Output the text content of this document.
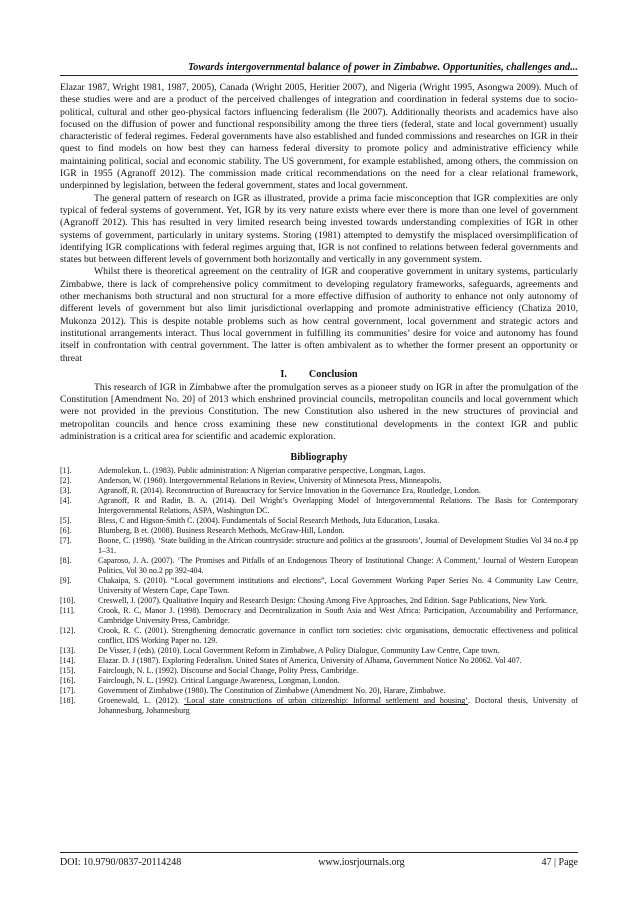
Towards intergovernmental balance of power in Zimbabwe. Opportunities, challenges and...

Elazar 1987, Wright 1981, 1987, 2005), Canada (Wright 2005, Heritier 2007), and Nigeria (Wright 1995, Asongwa 2009). Much of these studies were and are a product of the perceived challenges of integration and coordination in federal systems due to socio-political, cultural and other geo-physical factors influencing federalism (Ile 2007). Additionally theorists and academics have also focused on the diffusion of power and functional responsibility among the three tiers (federal, state and local government) usually characteristic of federal regimes. Federal governments have also established and funded commissions and researches on IGR in their quest to find models on how best they can harness federal diversity to promote policy and administrative efficiency while maintaining political, social and economic stability. The US government, for example established, among others, the commission on IGR in 1955 (Agranoff 2012). The commission made critical recommendations on the need for a clear relational framework, underpinned by legislation, between the federal government, states and local government.

The general pattern of research on IGR as illustrated, provide a prima facie misconception that IGR complexities are only typical of federal systems of government. Yet, IGR by its very nature exists where ever there is more than one level of government (Agranoff 2012). This has resulted in very limited research being invested towards understanding complexities of IGR in other systems of government, particularly in unitary systems. Storing (1981) attempted to demystify the misplaced oversimplification of identifying IGR complications with federal regimes arguing that, IGR is not confined to relations between federal governments and states but between different levels of government both horizontally and vertically in any government system.

Whilst there is theoretical agreement on the centrality of IGR and cooperative government in unitary systems, particularly Zimbabwe, there is lack of comprehensive policy commitment to developing regulatory frameworks, safeguards, agreements and other mechanisms both structural and non structural for a more effective diffusion of authority to enhance not only autonomy of different levels of government but also limit jurisdictional overlapping and promote administrative efficiency (Chatiza 2010, Mukonza 2012). This is despite notable problems such as how central government, local government and strategic actors and institutional arrangements interact. Thus local government in fulfilling its communities’ desire for voice and autonomy has found itself in confrontation with central government. The latter is often ambivalent as to whether the former present an opportunity or threat

I. Conclusion

This research of IGR in Zimbabwe after the promulgation serves as a pioneer study on IGR in after the promulgation of the Constitution [Amendment No. 20] of 2013 which enshrined provincial councils, metropolitan councils and local government which were not provided in the previous Constitution. The new Constitution also ushered in the new structures of provincial and metropolitan councils and hence cross examining these new constitutional developments in the context IGR and public administration is a critical area for scientific and academic exploration.

Bibliography
[1].	Ademolekun, L. (1983). Public administration: A Nigerian comparative perspective, Longman, Lagos.
[2].	Anderson, W. (1960). Intergovernmental Relations in Review, University of Minnesota Press, Minneapolis.
[3].	Agranoff, R. (2014). Reconstruction of Bureaucracy for Service Innovation in the Governance Era, Routledge, London.
[4].	Agranoff, R and Radin, B. A. (2014). Deil Wright’s Overlapping Model of Intergovernmental Relations. The Basis for Contemporary Intergovernmental Relations, ASPA, Washington DC.
[5].	Bless, C and Higson-Smith C. (2004). Fundamentals of Social Research Methods, Juta Education, Lusaka.
[6].	Blumberg, B et. (2008). Business Research Methods, McGraw-Hill, London.
[7].	Boone, C. (1998). ‘State building in the African countryside: structure and politics at the grassroots’, Journal of Development Studies Vol 34 no.4 pp 1–31.
[8].	Caparoso, J. A. (2007). ‘The Promises and Pitfalls of an Endogenous Theory of Institutional Change: A Comment,’ Journal of Western European Politics, Vol 30 no.2 pp 392-404.
[9].	Chakaipa, S. (2010). “Local government institutions and elections”, Local Government Working Paper Series No. 4 Community Law Centre, University of Western Cape, Cape Town.
[10].	Creswell, J. (2007). Qualitative Inquiry and Research Design: Chosing Among Five Approaches, 2nd Edition. Sage Publications, New York.
[11].	Crook, R. C, Manor J. (1998). Democracy and Decentralization in South Asia and West Africa: Participation, Accountability and Performance, Cambridge University Press, Cambridge.
[12].	Crook, R. C. (2001). Strengthening democratic governance in conflict torn societies: civic organisations, democratic effectiveness and political conflict, IDS Working Paper no. 129.
[13].	De Visser, J (eds). (2010). Local Government Reform in Zimbabwe, A Policy Dialogue, Community Law Centre, Cape town.
[14].	Elazar. D. J (1987). Exploring Federalism. United States of America, University of Albama, Government Notice No 20062. Vol 407.
[15].	Fairclough, N. L. (1992). Discourse and Social Change, Polity Press, Cambridge.
[16].	Fairclough, N. L. (1992). Critical Language Awareness, Longman, London.
[17].	Government of Zimbabwe (1980). The Constitution of Zimbabwe (Amendment No. 20), Harare, Zimbabwe.
[18].	Groenewald, L. (2012). ‘Local state constructions of urban citizenship: Informal settlement and housing’. Doctoral thesis, University of Johannesburg, Johannesburg
DOI: 10.9790/0837-20114248	www.iosrjournals.org	47 | Page
